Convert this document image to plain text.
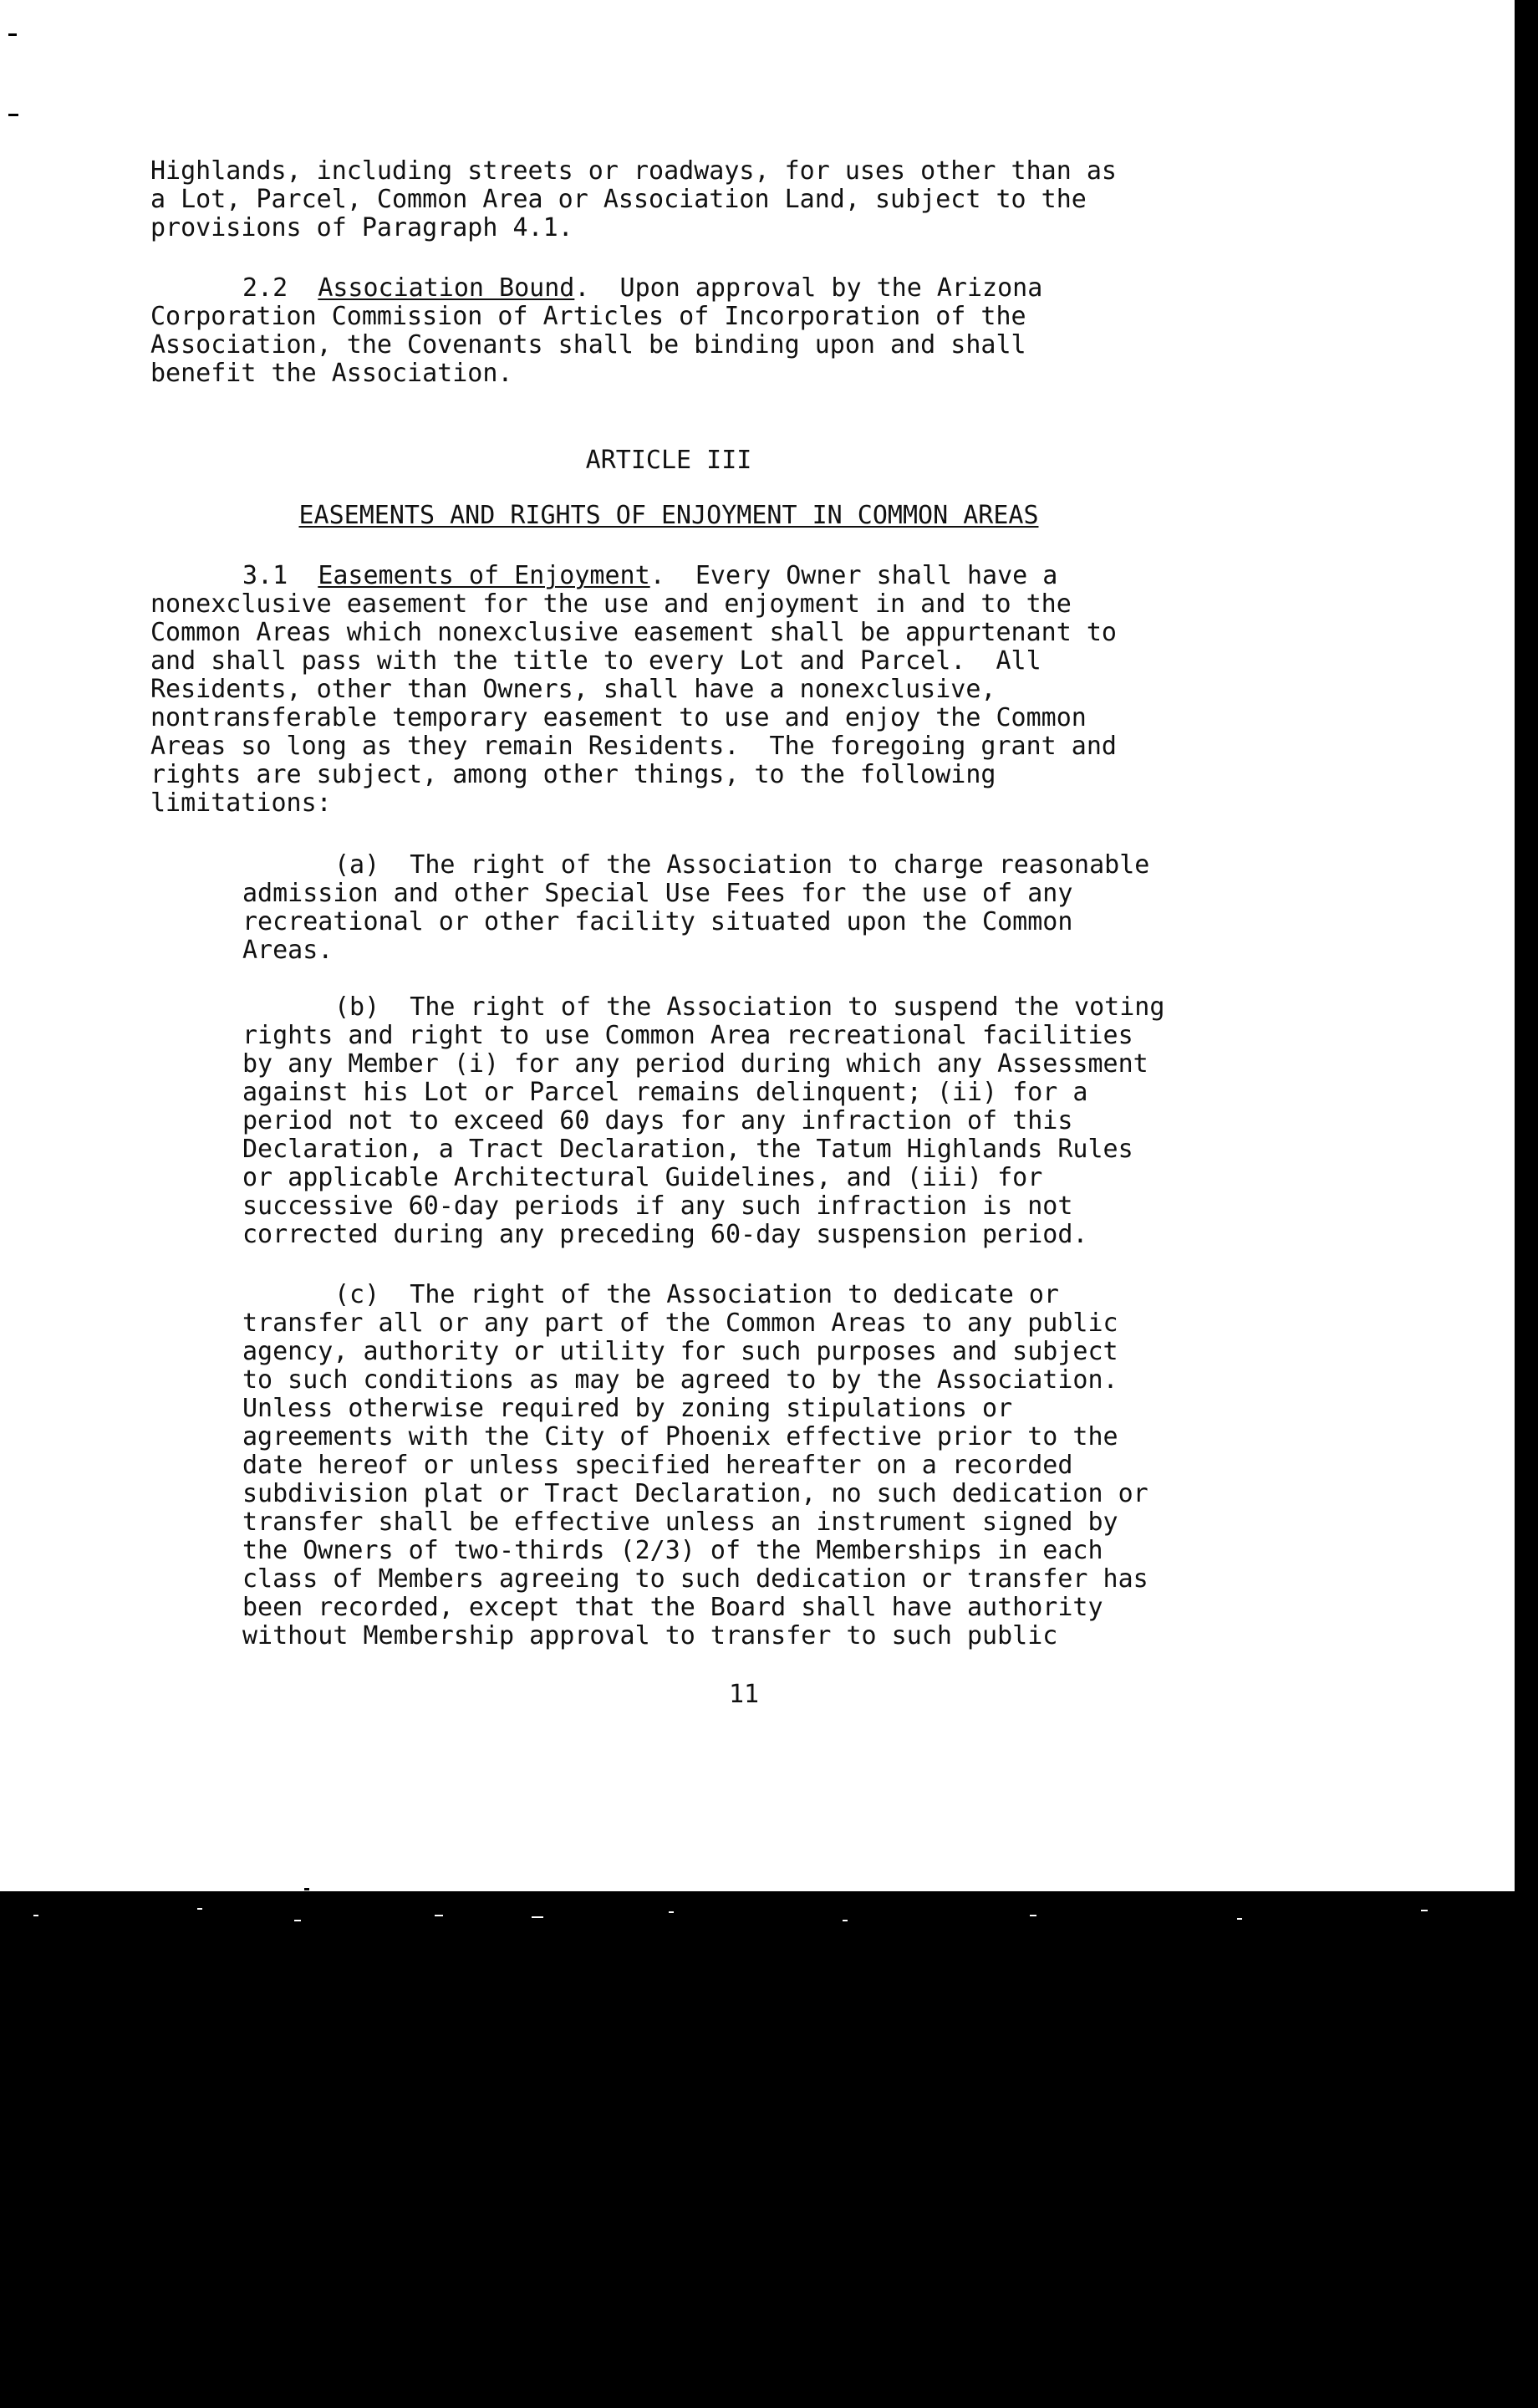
Highlands, including streets or roadways, for uses other than as
a Lot, Parcel, Common Area or Association Land, subject to the
provisions of Paragraph 4.1.
2.2 Association Bound.  Upon approval by the Arizona
Corporation Commission of Articles of Incorporation of the
Association, the Covenants shall be binding upon and shall
benefit the Association.
ARTICLE III
EASEMENTS AND RIGHTS OF ENJOYMENT IN COMMON AREAS
3.1 Easements of Enjoyment.  Every Owner shall have a
nonexclusive easement for the use and enjoyment in and to the
Common Areas which nonexclusive easement shall be appurtenant to
and shall pass with the title to every Lot and Parcel.  All
Residents, other than Owners, shall have a nonexclusive,
nontransferable temporary easement to use and enjoy the Common
Areas so long as they remain Residents.  The foregoing grant and
rights are subject, among other things, to the following
limitations:
(a)  The right of the Association to charge reasonable
admission and other Special Use Fees for the use of any
recreational or other facility situated upon the Common
Areas.
(b)  The right of the Association to suspend the voting
rights and right to use Common Area recreational facilities
by any Member (i) for any period during which any Assessment
against his Lot or Parcel remains delinquent; (ii) for a
period not to exceed 60 days for any infraction of this
Declaration, a Tract Declaration, the Tatum Highlands Rules
or applicable Architectural Guidelines, and (iii) for
successive 60-day periods if any such infraction is not
corrected during any preceding 60-day suspension period.
(c)  The right of the Association to dedicate or
transfer all or any part of the Common Areas to any public
agency, authority or utility for such purposes and subject
to such conditions as may be agreed to by the Association.
Unless otherwise required by zoning stipulations or
agreements with the City of Phoenix effective prior to the
date hereof or unless specified hereafter on a recorded
subdivision plat or Tract Declaration, no such dedication or
transfer shall be effective unless an instrument signed by
the Owners of two-thirds (2/3) of the Memberships in each
class of Members agreeing to such dedication or transfer has
been recorded, except that the Board shall have authority
without Membership approval to transfer to such public
11
